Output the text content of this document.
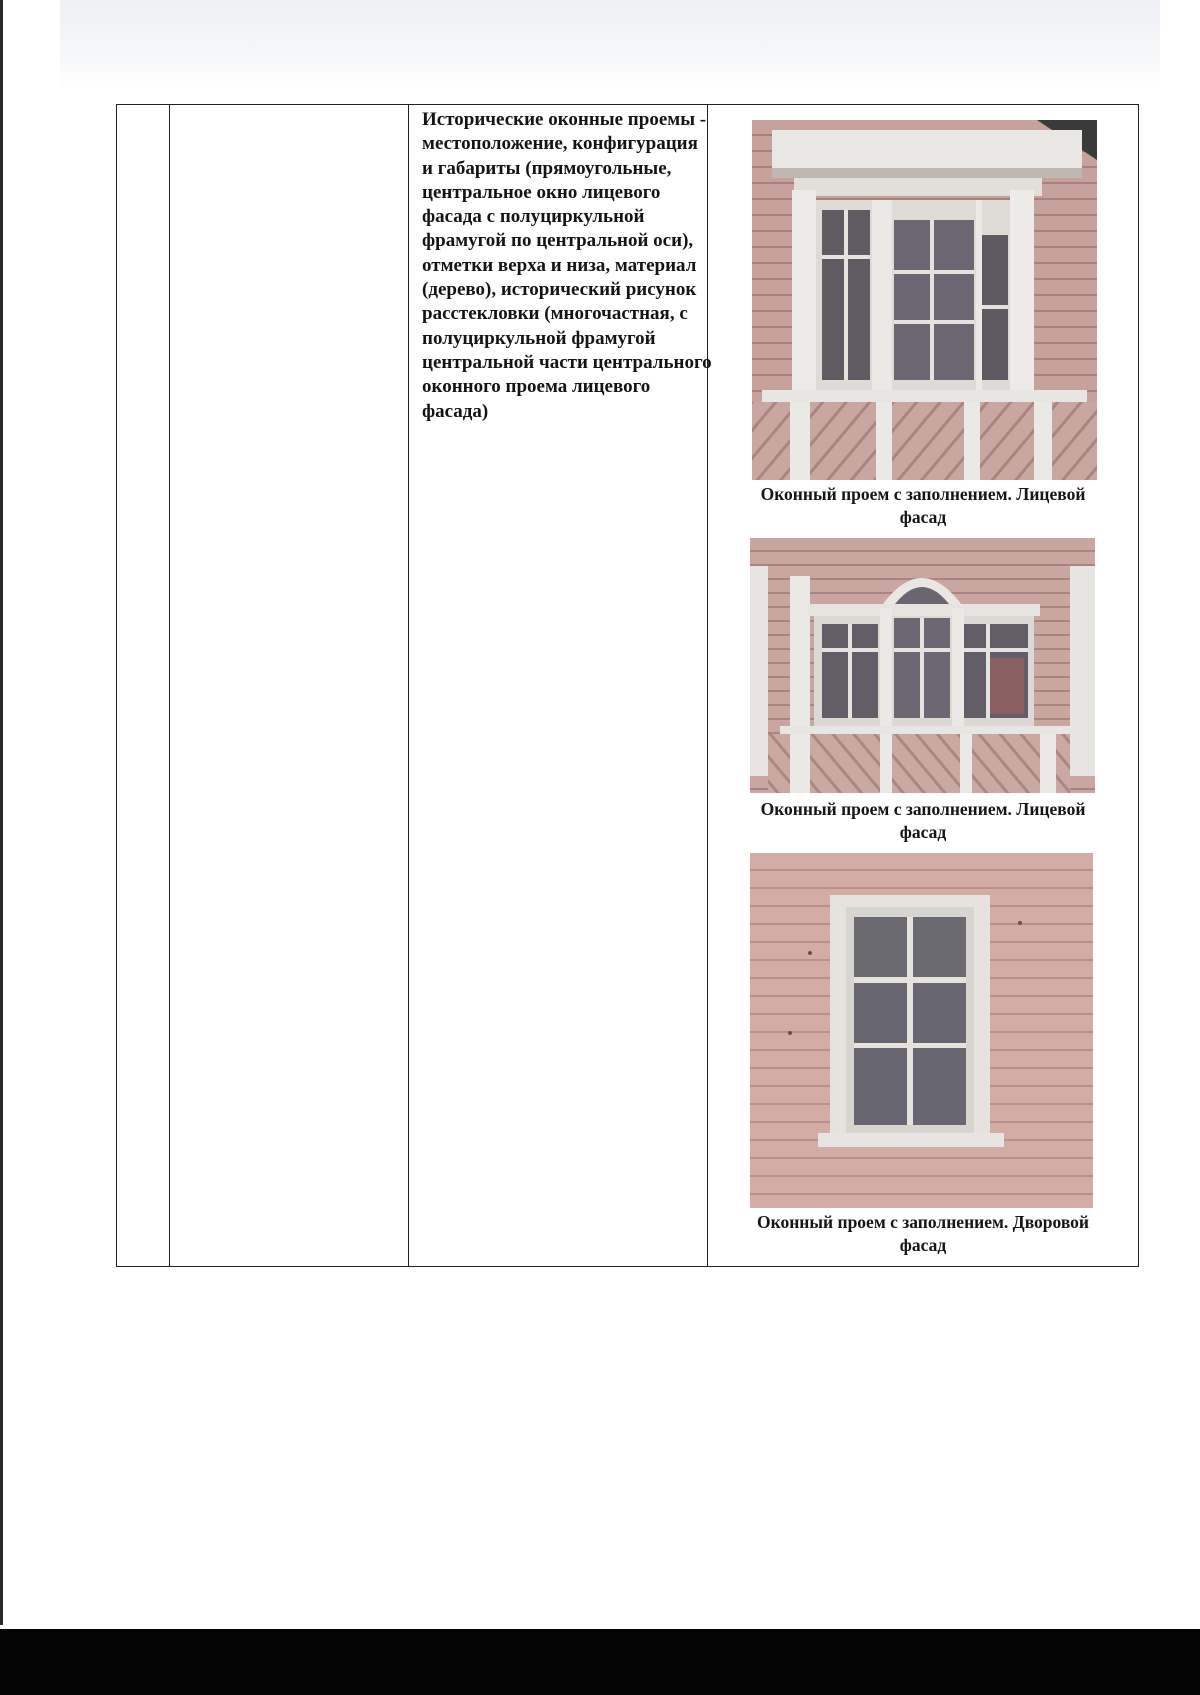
Исторические оконные проемы - местоположение, конфигурация и габариты (прямоугольные, центральное окно лицевого фасада с полуциркульной фрамугой по центральной оси), отметки верха и низа, материал (дерево), исторический рисунок расстекловки (многочастная, с полуциркульной фрамугой центральной части центрального оконного проема лицевого фасада)
Оконный проем с заполнением. Лицевой
фасад
Оконный проем с заполнением. Лицевой
фасад
Оконный проем с заполнением. Дворовой
фасад
